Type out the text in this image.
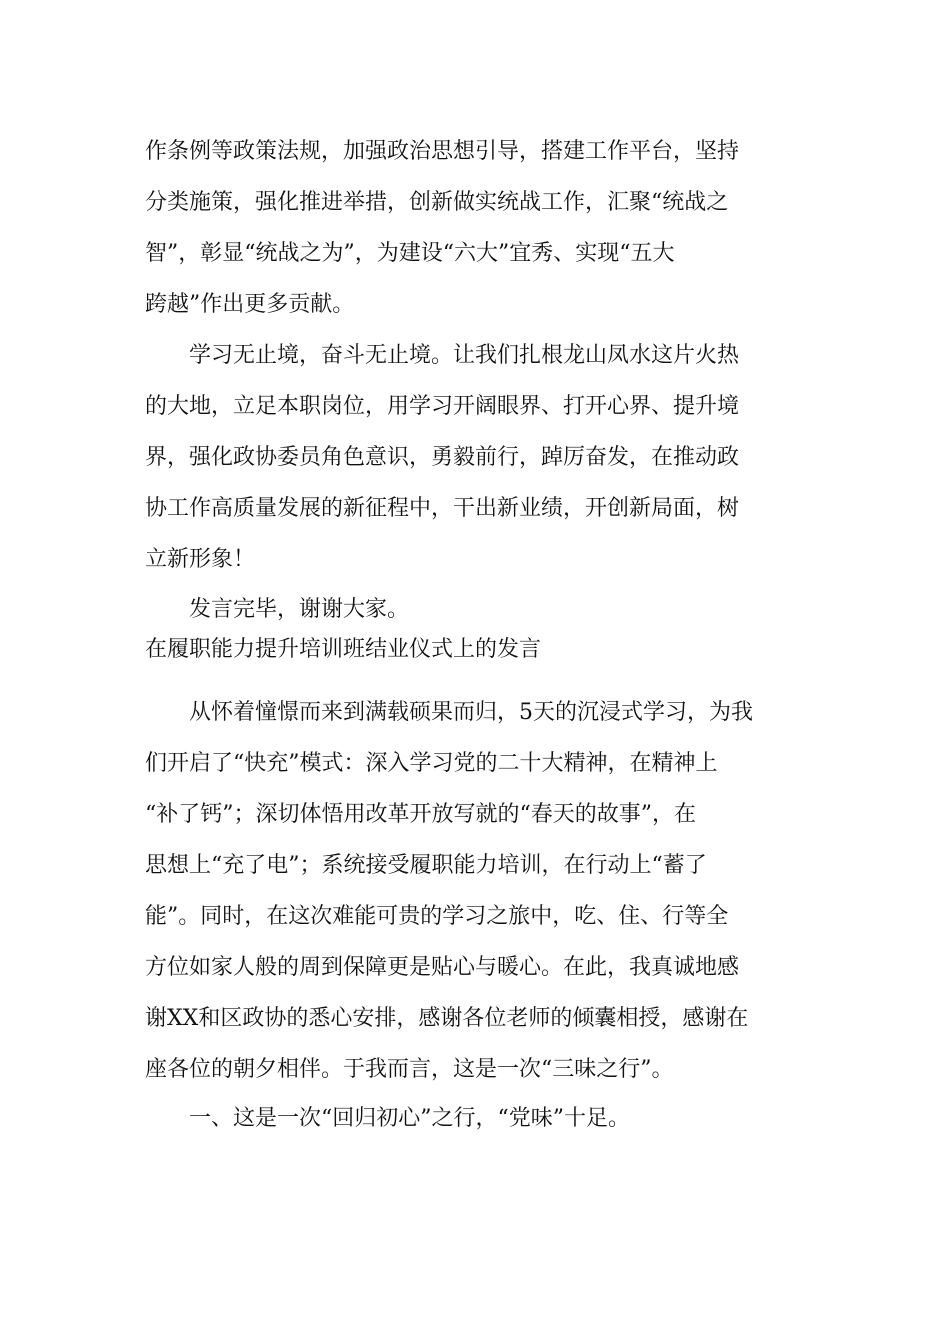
作条例等政策法规，加强政治思想引导，搭建工作平台，坚持
分类施策，强化推进举措，创新做实统战工作，汇聚“统战之
智”，彰显“统战之为”，为建设“六大”宜秀、实现“五大
跨越”作出更多贡献。

学习无止境，奋斗无止境。让我们扎根龙山凤水这片火热
的大地，立足本职岗位，用学习开阔眼界、打开心界、提升境
界，强化政协委员角色意识，勇毅前行，踔厉奋发，在推动政
协工作高质量发展的新征程中，干出新业绩，开创新局面，树
立新形象！

发言完毕，谢谢大家。

在履职能力提升培训班结业仪式上的发言

从怀着憧憬而来到满载硕果而归，5天的沉浸式学习，为我
们开启了“快充”模式：深入学习党的二十大精神，在精神上
“补了钙”；深切体悟用改革开放写就的“春天的故事”，在
思想上“充了电”；系统接受履职能力培训，在行动上“蓄了
能”。同时，在这次难能可贵的学习之旅中，吃、住、行等全
方位如家人般的周到保障更是贴心与暖心。在此，我真诚地感
谢XX和区政协的悉心安排，感谢各位老师的倾囊相授，感谢在
座各位的朝夕相伴。于我而言，这是一次“三味之行”。

一、这是一次“回归初心”之行，“党味”十足。
